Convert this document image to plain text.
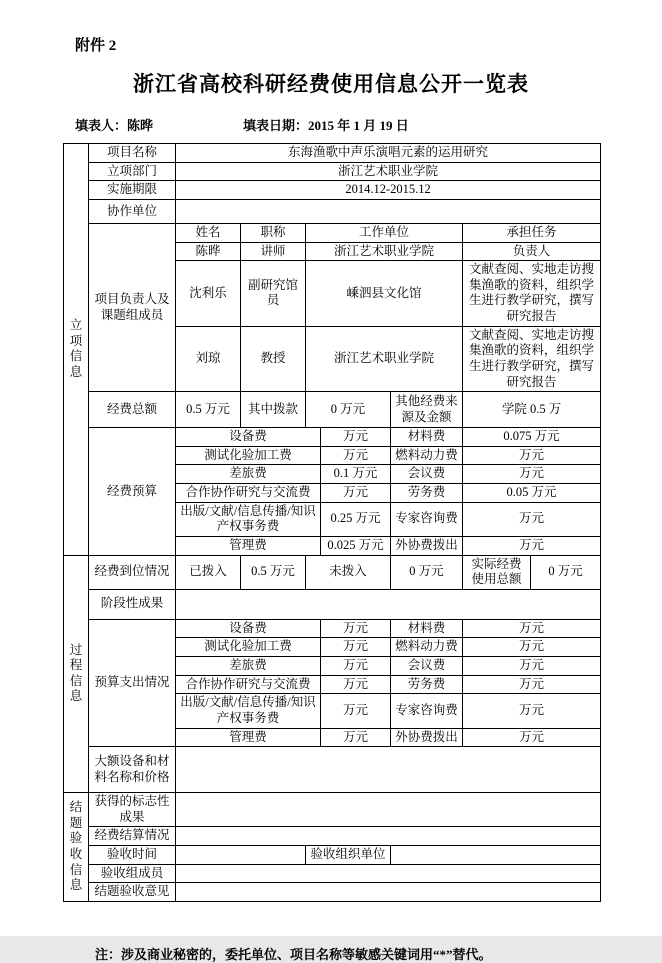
附件 2
浙江省高校科研经费使用信息公开一览表
填表人：陈晔	填表日期：2015 年 1 月 19 日
立项信息	项目名称	东海渔歌中声乐演唱元素的运用研究						
	立项部门	浙江艺术职业学院						
	实施期限	2014.12-2015.12						
	协作单位							
	项目负责人及课题组成员	姓名	职称	工作单位			承担任务	
		陈晔	讲师	浙江艺术职业学院			负责人	
		沈利乐	副研究馆员	嵊泗县文化馆			文献查阅、实地走访搜集渔歌的资料，组织学生进行教学研究，撰写研究报告	
		刘琼	教授	浙江艺术职业学院			文献查阅、实地走访搜集渔歌的资料，组织学生进行教学研究，撰写研究报告	
	经费总额	0.5 万元	其中拨款	0 万元		其他经费来源及金额	学院 0.5 万	
	经费预算	设备费			万元	材料费	0.075 万元	
		测试化验加工费			万元	燃料动力费	万元	
		差旅费			0.1 万元	会议费	万元	
		合作协作研究与交流费			万元	劳务费	0.05 万元	
		出版/文献/信息传播/知识产权事务费			0.25 万元	专家咨询费	万元	
		管理费			0.025 万元	外协费拨出	万元	
过程信息	经费到位情况	已拨入	0.5 万元	未拨入		0 万元	实际经费使用总额	0 万元
	阶段性成果							
	预算支出情况	设备费			万元	材料费	万元	
		测试化验加工费			万元	燃料动力费	万元	
		差旅费			万元	会议费	万元	
		合作协作研究与交流费			万元	劳务费	万元	
		出版/文献/信息传播/知识产权事务费			万元	专家咨询费	万元	
		管理费			万元	外协费拨出	万元	
	大额设备和材料名称和价格							
结题验收信息	获得的标志性成果							
	经费结算情况							
	验收时间			验收组织单位				
	验收组成员							
	结题验收意见							
注：涉及商业秘密的，委托单位、项目名称等敏感关键词用“*”替代。
